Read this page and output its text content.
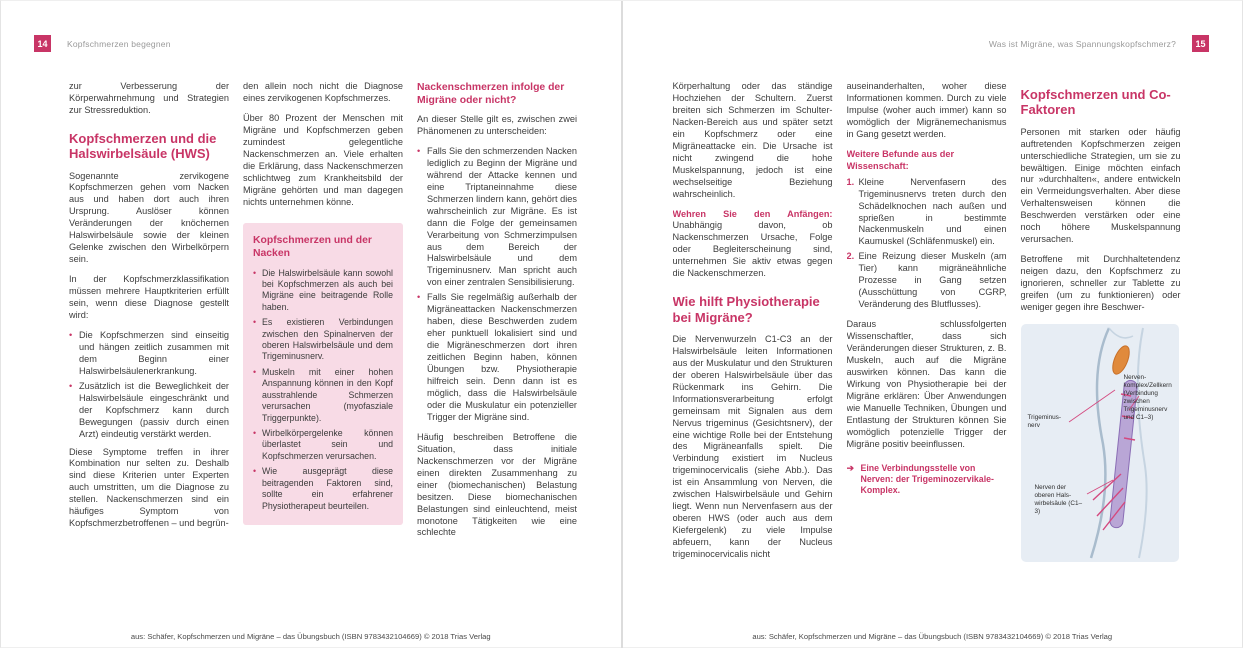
14	Kopfschmerzen begegnen

zur Verbesserung der Körperwahrnehmung und Strategien zur Stressreduktion.

Kopfschmerzen und die Halswirbelsäule (HWS)

Sogenannte zervikogene Kopfschmerzen gehen vom Nacken aus und haben dort auch ihren Ursprung. Auslöser können Veränderungen der knöchernen Halswirbelsäule sowie der kleinen Gelenke zwischen den Wirbelkörpern sein.

In der Kopfschmerzklassifikation müssen mehrere Hauptkriterien erfüllt sein, wenn diese Diagnose gestellt wird:

• Die Kopfschmerzen sind einseitig und hängen zeitlich zusammen mit dem Beginn einer Halswirbelsäulenerkrankung.
• Zusätzlich ist die Beweglichkeit der Halswirbelsäule eingeschränkt und der Kopfschmerz kann durch Bewegungen (passiv durch einen Arzt) eindeutig verstärkt werden.

Diese Symptome treffen in ihrer Kombination nur selten zu. Deshalb sind diese Kriterien unter Experten auch umstritten, um die Diagnose zu stellen. Nackenschmerzen sind ein häufiges Symptom von Kopfschmerzbetroffenen – und begrün-

den allein noch nicht die Diagnose eines zervikogenen Kopfschmerzes.

Über 80 Prozent der Menschen mit Migräne und Kopfschmerzen geben zumindest gelegentliche Nackenschmerzen an. Viele erhalten die Erklärung, dass Nackenschmerzen schlichtweg zum Krankheitsbild der Migräne gehörten und man dagegen nichts unternehmen könne.

Kopfschmerzen und der Nacken
• Die Halswirbelsäule kann sowohl bei Kopfschmerzen als auch bei Migräne eine beitragende Rolle haben.
• Es existieren Verbindungen zwischen den Spinalnerven der oberen Halswirbelsäule und dem Trigeminusnerv.
• Muskeln mit einer hohen Anspannung können in den Kopf ausstrahlende Schmerzen verursachen (myofasziale Triggerpunkte).
• Wirbelkörpergelenke können überlastet sein und Kopfschmerzen verursachen.
• Wie ausgeprägt diese beitragenden Faktoren sind, sollte ein erfahrener Physiotherapeut beurteilen.
Nackenschmerzen infolge der Migräne oder nicht?

An dieser Stelle gilt es, zwischen zwei Phänomenen zu unterscheiden:

• Falls Sie den schmerzenden Nacken lediglich zu Beginn der Migräne und während der Attacke kennen und eine Triptaneinnahme diese Schmerzen lindern kann, gehört dies wahrscheinlich zur Migräne. Es ist dann die Folge der gemeinsamen Verarbeitung von Schmerzimpulsen aus dem Bereich der Halswirbelsäule und dem Trigeminusnerv. Man spricht auch von einer zentralen Sensibilisierung.
• Falls Sie regelmäßig außerhalb der Migräneattacken Nackenschmerzen haben, diese Beschwerden zudem eher punktuell lokalisiert sind und die Migräneschmerzen dort ihren zeitlichen Beginn haben, können Übungen bzw. Physiotherapie hilfreich sein. Denn dann ist es möglich, dass die Halswirbelsäule oder die Muskulatur ein potenzieller Trigger der Migräne sind.

Häufig beschreiben Betroffene die Situation, dass initiale Nackenschmerzen vor der Migräne einen direkten Zusammenhang zu einer (biomechanischen) Belastung besitzen. Diese biomechanischen Belastungen sind einleuchtend, meist monotone Tätigkeiten wie eine schlechte

aus: Schäfer, Kopfschmerzen und Migräne – das Übungsbuch (ISBN 9783432104669) © 2018 Trias Verlag
Was ist Migräne, was Spannungskopfschmerz?	15

Körperhaltung oder das ständige Hochziehen der Schultern. Zuerst breiten sich Schmerzen im Schulter-Nacken-Bereich aus und später setzt ein Kopfschmerz oder eine Migräneattacke ein. Die Ursache ist nicht zwingend die hohe Muskelspannung, jedoch ist eine wechselseitige Beziehung wahrscheinlich.

Wehren Sie den Anfängen: Unabhängig davon, ob Nackenschmerzen Ursache, Folge oder Begleiterscheinung sind, unternehmen Sie aktiv etwas gegen die Nackenschmerzen.

Wie hilft Physiotherapie bei Migräne?

Die Nervenwurzeln C1-C3 an der Halswirbelsäule leiten Informationen aus der Muskulatur und den Strukturen der oberen Halswirbelsäule über das Rückenmark ins Gehirn. Die Informationsverarbeitung erfolgt gemeinsam mit Signalen aus dem Nervus trigeminus (Gesichtsnerv), der eine wichtige Rolle bei der Entstehung des Migräneanfalls spielt. Die Verbindung existiert im Nucleus trigeminocervicalis (siehe Abb.). Das ist ein Ansammlung von Nerven, die zwischen Halswirbelsäule und Gehirn liegt. Wenn nun Nervenfasern aus der oberen HWS (oder auch aus dem Kiefergelenk) zu viele Impulse abfeuern, kann der Nucleus trigeminocervicalis nicht

auseinanderhalten, woher diese Informationen kommen. Durch zu viele Impulse (woher auch immer) kann so womöglich der Migränemechanismus in Gang gesetzt werden.

Weitere Befunde aus der Wissenschaft:

1. Kleine Nervenfasern des Trigeminusnervs treten durch den Schädelknochen nach außen und sprießen in bestimmte Nackenmuskeln und einen Kaumuskel (Schläfenmuskel) ein.
2. Eine Reizung dieser Muskeln (am Tier) kann migräneähnliche Prozesse in Gang setzen (Ausschüttung von CGRP, Veränderung des Blutflusses).

Daraus schlussfolgerten Wissenschaftler, dass sich Veränderungen dieser Strukturen, z. B. Muskeln, auch auf die Migräne auswirken können. Das kann die Wirkung von Physiotherapie bei der Migräne erklären: Über Anwendungen wie Manuelle Techniken, Übungen und Entlastung der Strukturen können Sie womöglich potenzielle Trigger der Migräne positiv beeinflussen.

➔ Eine Verbindungsstelle von Nerven: der Trigeminozervikale-Komplex.
Kopfschmerzen und Co-Faktoren

Personen mit starken oder häufig auftretenden Kopfschmerzen zeigen unterschiedliche Strategien, um sie zu bewältigen. Einige möchten einfach nur »durchhalten«, andere entwickeln ein Vermeidungsverhalten. Aber diese Verhaltensweisen können die Beschwerden verstärken oder eine noch höhere Muskelspannung verursachen.

Betroffene mit Durchhaltetendenz neigen dazu, den Kopfschmerz zu ignorieren, schneller zur Tablette zu greifen (um zu funktionieren) oder weniger gegen ihre Beschwer-

Trigeminusnerv
Nervenkomplex/Zellkern (Verbindung zwischen Trigeminusnerv und C1–3)
Nerven der oberen Halswirbelsäule (C1–3)
aus: Schäfer, Kopfschmerzen und Migräne – das Übungsbuch (ISBN 9783432104669) © 2018 Trias Verlag
